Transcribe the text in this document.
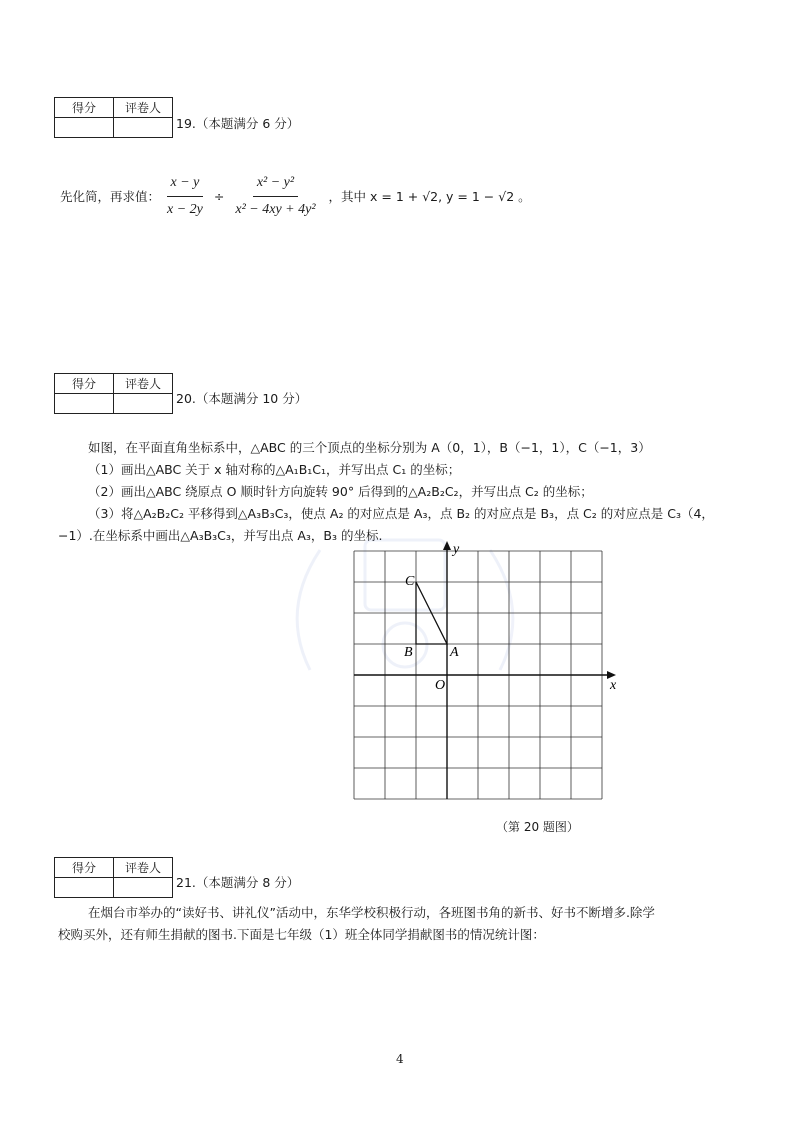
得分	评卷人

19.（本题满分 6 分）
先化简，再求值： $\frac{x - y}{x - 2y} \div \frac{\text{x² − y²}}{\text{x² − 4xy + 4y²}}$ ，其中 x = 1 + √2, y = 1 − √2 。
得分	评卷人

20.（本题满分 10 分）
如图，在平面直角坐标系中，△ABC 的三个顶点的坐标分别为 A（0，1），B（−1，1），C（−1，3）
（1）画出△ABC 关于 x 轴对称的△A₁B₁C₁，并写出点 C₁ 的坐标；
（2）画出△ABC 绕原点 O 顺时针方向旋转 90° 后得到的△A₂B₂C₂，并写出点 C₂ 的坐标；
（3）将△A₂B₂C₂ 平移得到△A₃B₃C₃，使点 A₂ 的对应点是 A₃，点 B₂ 的对应点是 B₃，点 C₂ 的对应点是 C₃（4，
−1）.在坐标系中画出△A₃B₃C₃，并写出点 A₃，B₃ 的坐标.
x
y
O
A
B
C
（第 20 题图）
得分	评卷人

21.（本题满分 8 分）
在烟台市举办的“读好书、讲礼仪”活动中，东华学校积极行动，各班图书角的新书、好书不断增多.除学
校购买外，还有师生捐献的图书.下面是七年级（1）班全体同学捐献图书的情况统计图：
4
